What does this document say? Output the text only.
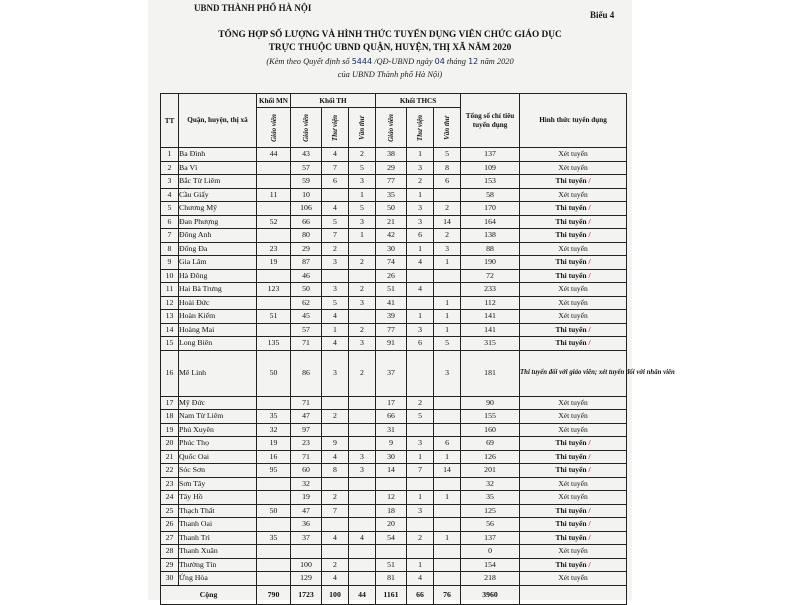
UBND THÀNH PHỐ HÀ NỘI
Biểu 4
TỔNG HỢP SỐ LƯỢNG VÀ HÌNH THỨC TUYỂN DỤNG VIÊN CHỨC GIÁO DỤC
TRỰC THUỘC UBND QUẬN, HUYỆN, THỊ XÃ NĂM 2020
(Kèm theo Quyết định số 5444 /QĐ-UBND ngày 04 tháng 12 năm 2020
của UBND Thành phố Hà Nội)
TT	Quận, huyện, thị xã	Khối MN	Khối TH			Khối THCS			Tổng số chỉ tiêu tuyển dụng	Hình thức tuyển dụng
		Giáo viên	Giáo viên	Thư viện	Văn thư	Giáo viên	Thư viện	Văn thư		
1	Ba Đình	44	43	4	2	38	1	5	137	Xét tuyển
2	Ba Vì		57	7	5	29	3	8	109	Xét tuyển
3	Bắc Từ Liêm		59	6	3	77	2	6	153	Thi tuyển /
4	Cầu Giấy	11	10		1	35	1		58	Xét tuyển
5	Chương Mỹ		106	4	5	50	3	2	170	Thi tuyển /
6	Đan Phượng	52	66	5	3	21	3	14	164	Thi tuyển /
7	Đông Anh		80	7	1	42	6	2	138	Thi tuyển /
8	Đống Đa	23	29	2		30	1	3	88	Xét tuyển
9	Gia Lâm	19	87	3	2	74	4	1	190	Thi tuyển /
10	Hà Đông		46			26			72	Thi tuyển /
11	Hai Bà Trưng	123	50	3	2	51	4		233	Xét tuyển
12	Hoài Đức		62	5	3	41		1	112	Xét tuyển
13	Hoàn Kiếm	51	45	4		39	1	1	141	Xét tuyển
14	Hoàng Mai		57	1	2	77	3	1	141	Thi tuyển /
15	Long Biên	135	71	4	3	91	6	5	315	Thi tuyển /
16	Mê Linh	50	86	3	2	37		3	181	Thi tuyển đối với giáo viên; xét tuyển đối với nhân viên
17	Mỹ Đức		71			17	2		90	Xét tuyển
18	Nam Từ Liêm	35	47	2		66	5		155	Xét tuyển
19	Phú Xuyên	32	97			31			160	Xét tuyển
20	Phúc Thọ	19	23	9		9	3	6	69	Thi tuyển /
21	Quốc Oai	16	71	4	3	30	1	1	126	Thi tuyển /
22	Sóc Sơn	95	60	8	3	14	7	14	201	Thi tuyển /
23	Sơn Tây		32						32	Xét tuyển
24	Tây Hồ		19	2		12	1	1	35	Xét tuyển
25	Thạch Thất	50	47	7		18	3		125	Thi tuyển /
26	Thanh Oai		36			20			56	Thi tuyển /
27	Thanh Trì	35	37	4	4	54	2	1	137	Thi tuyển /
28	Thanh Xuân								0	Xét tuyển
29	Thường Tín		100	2		51	1		154	Thi tuyển /
30	Ứng Hòa		129	4		81	4		218	Xét tuyển
Cộng		790	1723	100	44	1161	66	76	3960	
